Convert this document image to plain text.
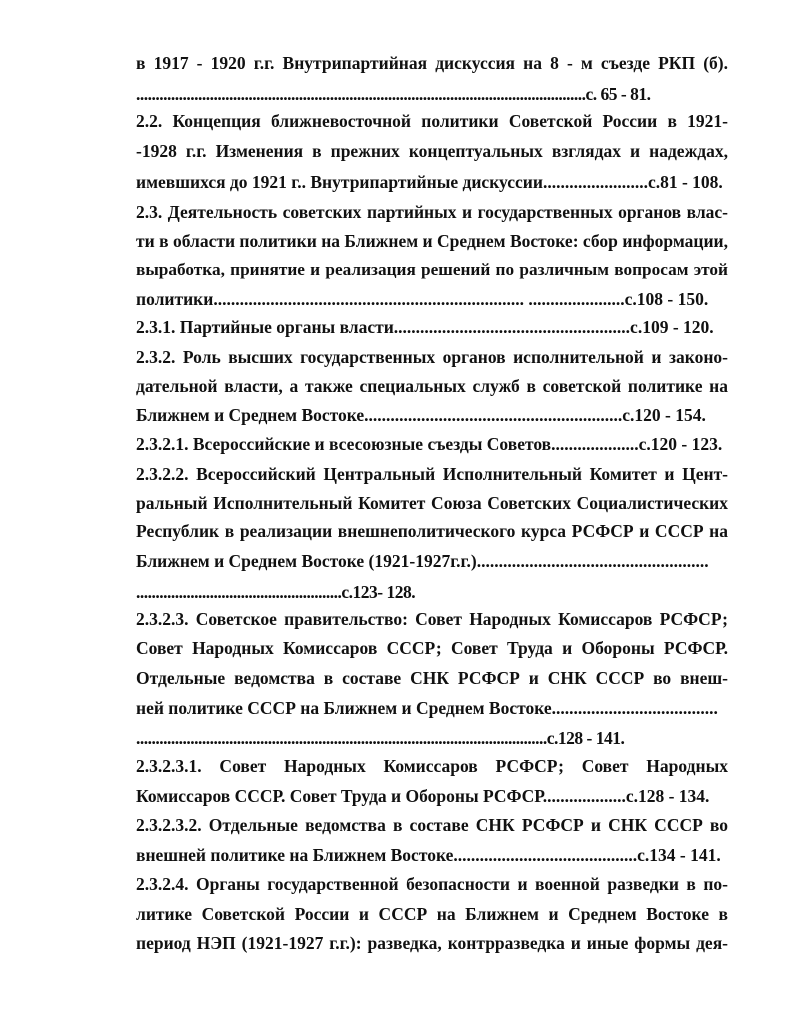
в 1917 - 1920 г.г. Внутрипартийная дискуссия на 8 - м съезде РКП (б).
....................................................................................................................с. 65 - 81.
2.2. Концепция ближневосточной политики Советской России в 1921-
-1928 г.г. Изменения в прежних концептуальных взглядах и надеждах,
имевшихся до 1921 г.. Внутрипартийные дискуссии........................с.81 - 108.
2.3. Деятельность советских партийных и государственных органов влас-
ти в области политики на Ближнем и Среднем Востоке: сбор информации,
выработка, принятие и реализация решений по различным вопросам этой
политики....................................................................... ......................с.108 - 150.
2.3.1. Партийные органы власти......................................................с.109 - 120.
2.3.2. Роль высших государственных органов исполнительной и законо-
дательной власти, а также специальных служб в советской политике на
Ближнем и Среднем Востоке...........................................................с.120 - 154.
2.3.2.1. Всероссийские и всесоюзные съезды Советов....................с.120 - 123.
2.3.2.2. Всероссийский Центральный Исполнительный Комитет и Цент-
ральный Исполнительный Комитет Союза Советских Социалистических
Республик в реализации внешнеполитического курса РСФСР и СССР на
Ближнем и Среднем Востоке (1921-1927г.г.).....................................................
.....................................................с.123- 128.
2.3.2.3. Советское правительство: Совет Народных Комиссаров РСФСР;
Совет Народных Комиссаров СССР; Совет Труда и Обороны РСФСР.
Отдельные ведомства в составе СНК РСФСР и СНК СССР во внеш-
ней политике СССР на Ближнем и Среднем Востоке......................................
..........................................................................................................с.128 - 141.
2.3.2.3.1. Совет Народных Комиссаров РСФСР; Совет Народных
Комиссаров СССР. Совет Труда и Обороны РСФСР...................с.128 - 134.
2.3.2.3.2. Отдельные ведомства в составе СНК РСФСР и СНК СССР во
внешней политике на Ближнем Востоке..........................................с.134 - 141.
2.3.2.4. Органы государственной безопасности и военной разведки в по-
литике Советской России и СССР на Ближнем и Среднем Востоке в
период НЭП (1921-1927 г.г.): разведка, контрразведка и иные формы дея-
